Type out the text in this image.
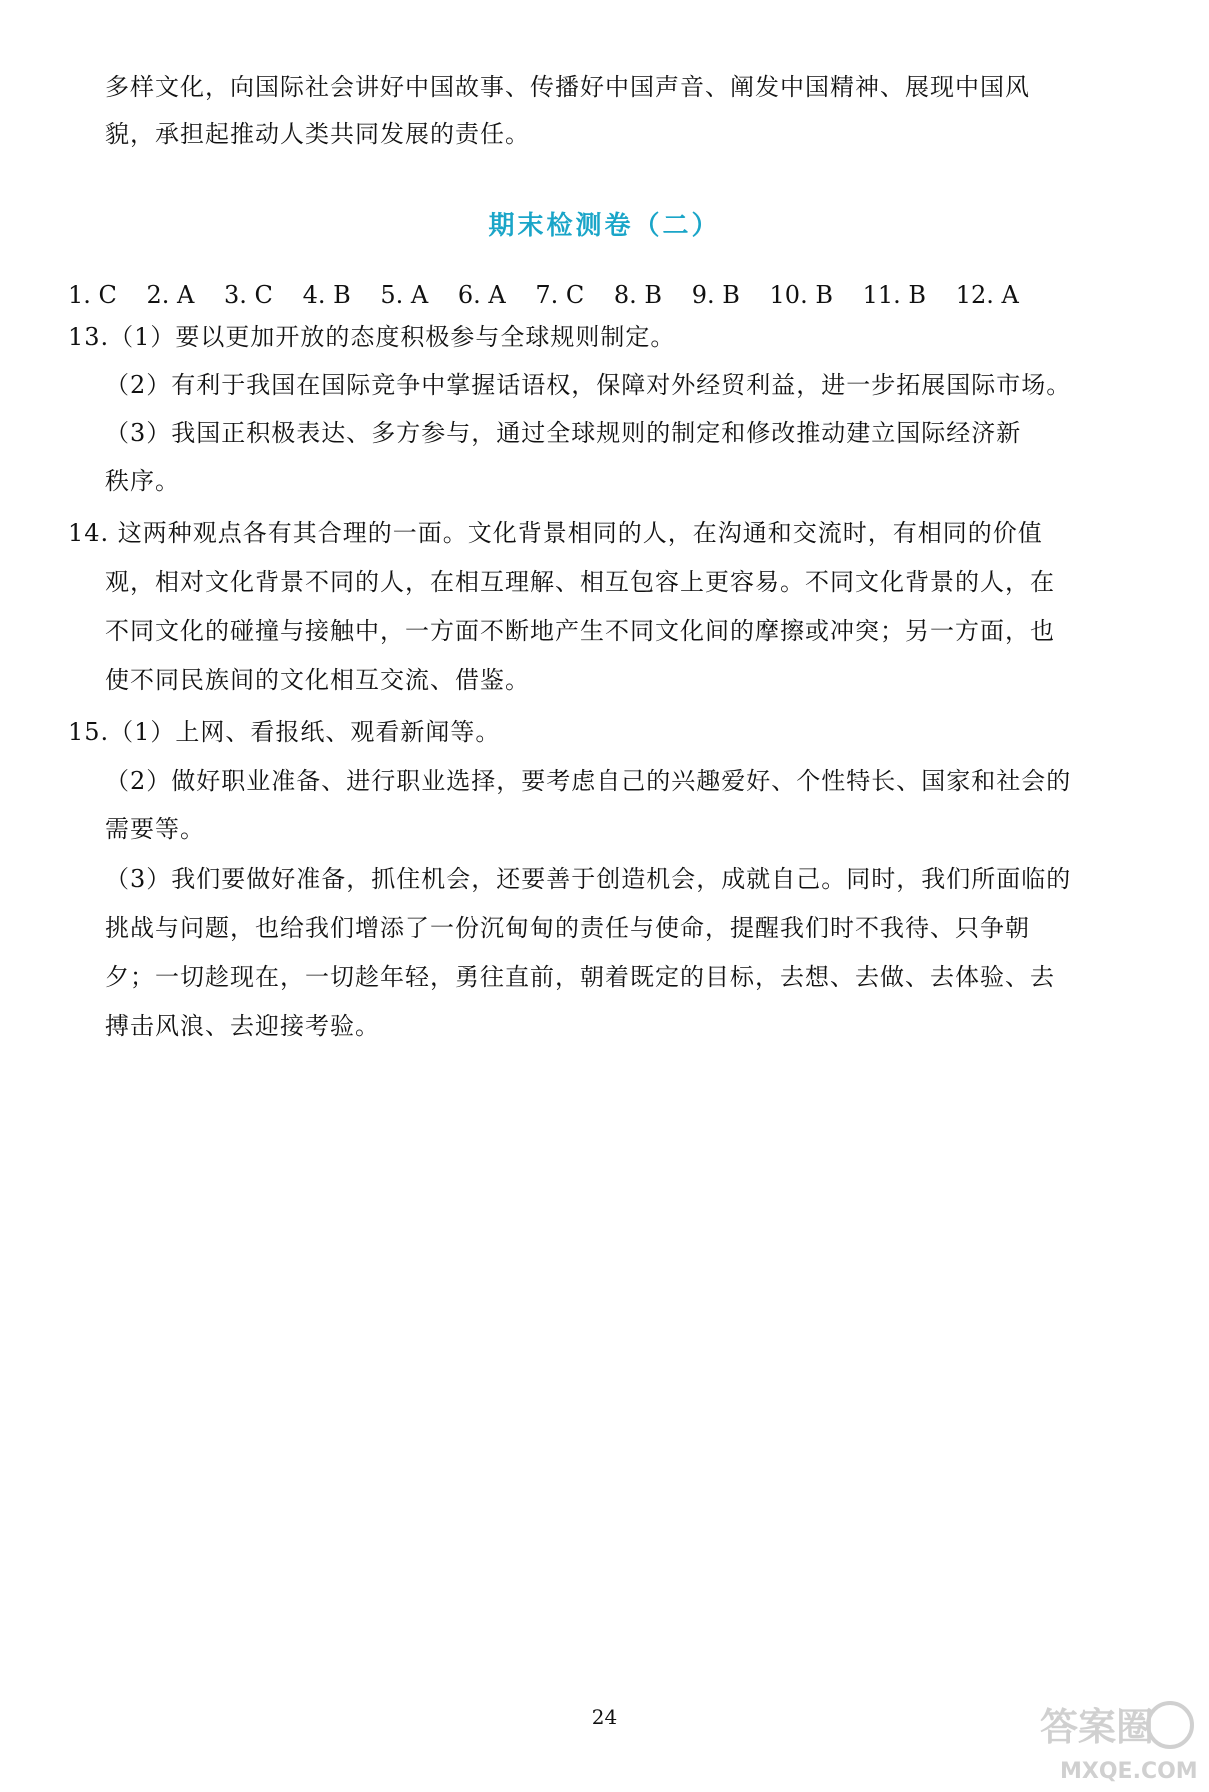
多样文化，向国际社会讲好中国故事、传播好中国声音、阐发中国精神、展现中国风
貌，承担起推动人类共同发展的责任。
期末检测卷（二）
1. C 2. A 3. C 4. B 5. A 6. A 7. C 8. B 9. B 10. B 11. B 12. A
13.（1）要以更加开放的态度积极参与全球规则制定。
（2）有利于我国在国际竞争中掌握话语权，保障对外经贸利益，进一步拓展国际市场。
（3）我国正积极表达、多方参与，通过全球规则的制定和修改推动建立国际经济新
秩序。
14. 这两种观点各有其合理的一面。文化背景相同的人，在沟通和交流时，有相同的价值
观，相对文化背景不同的人，在相互理解、相互包容上更容易。不同文化背景的人，在
不同文化的碰撞与接触中，一方面不断地产生不同文化间的摩擦或冲突；另一方面，也
使不同民族间的文化相互交流、借鉴。
15.（1）上网、看报纸、观看新闻等。
（2）做好职业准备、进行职业选择，要考虑自己的兴趣爱好、个性特长、国家和社会的
需要等。
（3）我们要做好准备，抓住机会，还要善于创造机会，成就自己。同时，我们所面临的
挑战与问题，也给我们增添了一份沉甸甸的责任与使命，提醒我们时不我待、只争朝
夕；一切趁现在，一切趁年轻，勇往直前，朝着既定的目标，去想、去做、去体验、去
搏击风浪、去迎接考验。
24	答案圈
MXQE.COM
